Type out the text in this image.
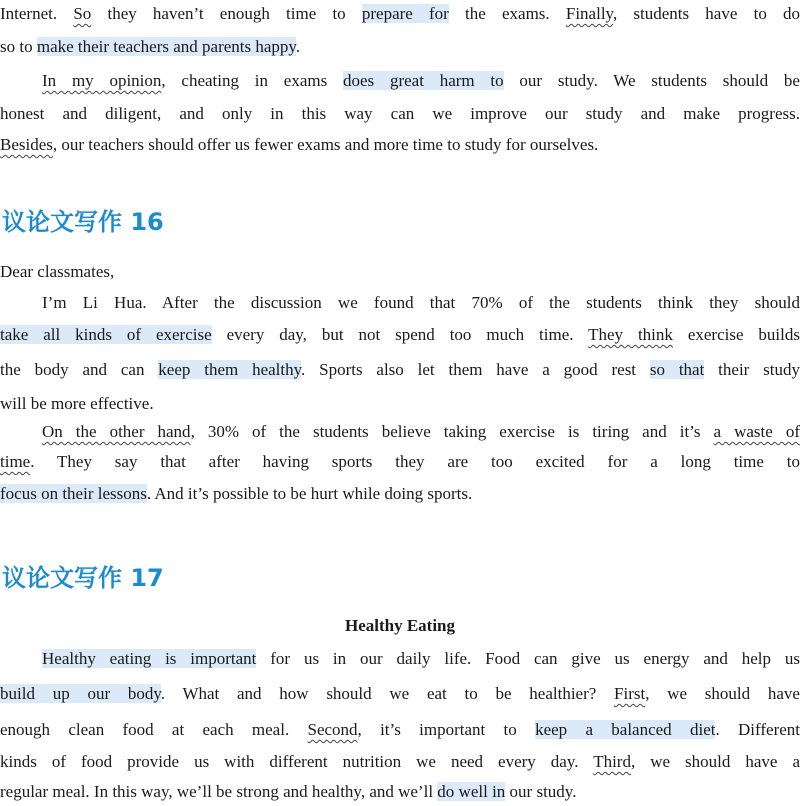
Internet. So they haven’t enough time to prepare for the exams. Finally, students have to do
so to make their teachers and parents happy.
In my opinion, cheating in exams does great harm to our study. We students should be
honest and diligent, and only in this way can we improve our study and make progress.
Besides, our teachers should offer us fewer exams and more time to study for ourselves.
议论文写作 16
Dear classmates,
I’m Li Hua. After the discussion we found that 70% of the students think they should
take all kinds of exercise every day, but not spend too much time. They think exercise builds
the body and can keep them healthy. Sports also let them have a good rest so that their study
will be more effective.
On the other hand, 30% of the students believe taking exercise is tiring and it’s a waste of
time. They say that after having sports they are too excited for a long time to
focus on their lessons. And it’s possible to be hurt while doing sports.
议论文写作 17
Healthy Eating
Healthy eating is important for us in our daily life. Food can give us energy and help us
build up our body. What and how should we eat to be healthier? First, we should have
enough clean food at each meal. Second, it’s important to keep a balanced diet. Different
kinds of food provide us with different nutrition we need every day. Third, we should have a
regular meal. In this way, we’ll be strong and healthy, and we’ll do well in our study.
